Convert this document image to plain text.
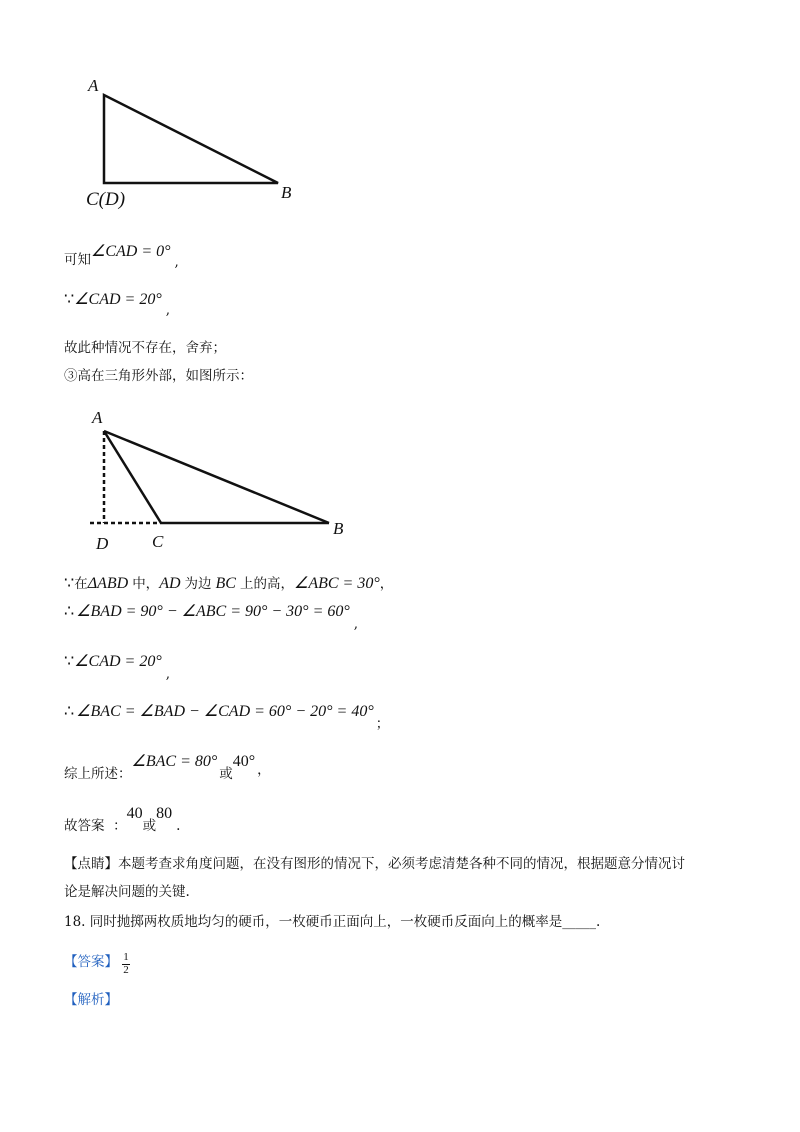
A
C(D)	B
可知∠CAD = 0°,
∵∠CAD = 20°,
故此种情况不存在，舍弃；
③高在三角形外部，如图所示：
A
D	C
B
∵在ΔABD 中，AD 为边 BC 上的高，∠ABC = 30°，
∴ ∠BAD = 90° − ∠ABC = 90° − 30° = 60°,
∵∠CAD = 20°,
∴ ∠BAC = ∠BAD − ∠CAD = 60° − 20° = 40°；
综上所述：∠BAC = 80°或40° ，
故答案  ：40或80.
【点睛】本题考查求角度问题，在没有图形的情况下，必须考虑清楚各种不同的情况，根据题意分情况讨
论是解决问题的关键.
18. 同时抛掷两枚质地均匀的硬币，一枚硬币正面向上，一枚硬币反面向上的概率是_____.
【答案】 $\frac{1}{2}$
【解析】
